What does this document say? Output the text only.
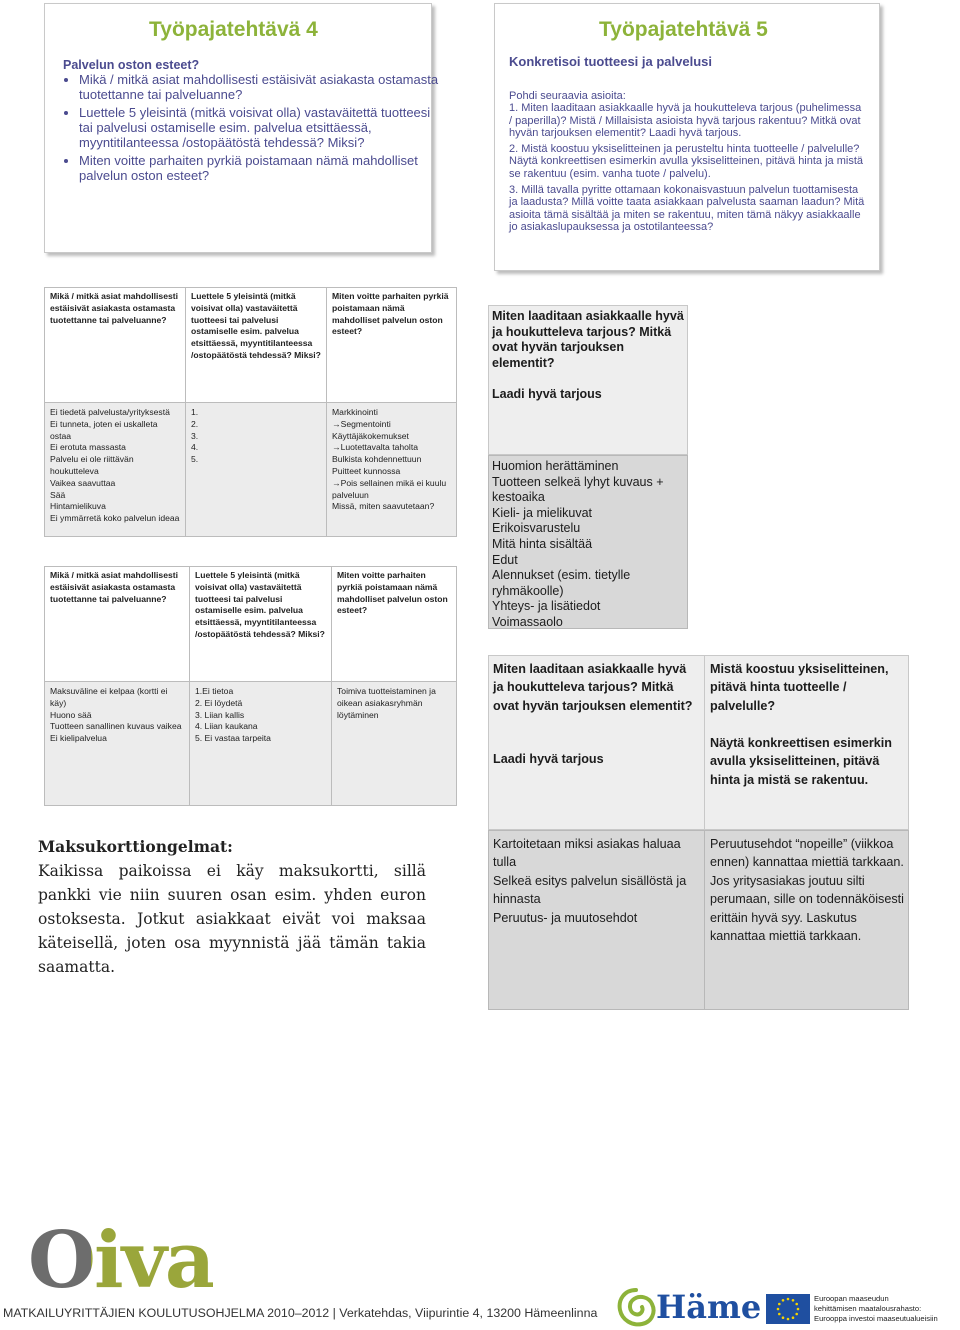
Työpajatehtävä 4
Palvelun oston esteet?
• Mikä / mitkä asiat mahdollisesti estäisivät asiakasta ostamasta tuotettanne tai palveluanne?
• Luettele 5 yleisintä (mitkä voisivat olla) vastaväitettä tuotteesi tai palvelusi ostamiselle esim. palvelua etsittäessä, myyntitilanteessa /ostopäätöstä tehdessä? Miksi?
• Miten voitte parhaiten pyrkiä poistamaan nämä mahdolliset palvelun oston esteet?
Työpajatehtävä 5
Konkretisoi tuotteesi ja palvelusi
Pohdi seuraavia asioita:
1. Miten laaditaan asiakkaalle hyvä ja houkutteleva tarjous (puhelimessa / paperilla)? Mistä / Millaisista asioista hyvä tarjous rakentuu? Mitkä ovat hyvän tarjouksen elementit? Laadi hyvä tarjous.
2. Mistä koostuu yksiselitteinen ja perusteltu hinta tuotteelle / palvelulle? Näytä konkreettisen esimerkin avulla yksiselitteinen, pitävä hinta ja mistä se rakentuu (esim. vanha tuote / palvelu).
3. Millä tavalla pyritte ottamaan kokonaisvastuun palvelun tuottamisesta ja laadusta? Millä voitte taata asiakkaan palvelusta saaman laadun? Mitä asioita tämä sisältää ja miten se rakentuu, miten tämä näkyy asiakkaalle jo asiakaslupauksessa ja ostotilanteessa?
Mikä / mitkä asiat mahdollisesti estäisivät asiakasta ostamasta tuotettanne tai palveluanne?
Luettele 5 yleisintä (mitkä voisivat olla) vastaväitettä tuotteesi tai palvelusi ostamiselle esim. palvelua etsittäessä, myyntitilanteessa /ostopäätöstä tehdessä? Miksi?
Miten voitte parhaiten pyrkiä poistamaan nämä mahdolliset palvelun oston esteet?
Ei tiedetä palvelusta/yrityksestä
Ei tunneta, joten ei uskalleta ostaa
Ei erotuta massasta
Palvelu ei ole riittävän houkutteleva
Vaikea saavuttaa
Sää
Hintamielikuva
Ei ymmärretä koko palvelun ideaa
1.
2.
3.
4.
5.
Markkinointi
→Segmentointi
Käyttäjäkokemukset
→Luotettavalta taholta
Bulkista kohdennettuun
Puitteet kunnossa
→Pois sellainen mikä ei kuulu palveluun
Missä, miten saavutetaan?
Miten laaditaan asiakkaalle hyvä ja houkutteleva tarjous? Mitkä ovat hyvän tarjouksen elementit?
Laadi hyvä tarjous
Huomion herättäminen
Tuotteen selkeä lyhyt kuvaus + kestoaika
Kieli- ja mielikuvat
Erikoisvarustelu
Mitä hinta sisältää
Edut
Alennukset (esim. tietylle ryhmäkoolle)
Yhteys- ja lisätiedot
Voimassaolo
Mikä / mitkä asiat mahdollisesti estäisivät asiakasta ostamasta tuotettanne tai palveluanne?
Luettele 5 yleisintä (mitkä voisivat olla) vastaväitettä tuotteesi tai palvelusi ostamiselle esim. palvelua etsittäessä, myyntitilanteessa /ostopäätöstä tehdessä? Miksi?
Miten voitte parhaiten pyrkiä poistamaan nämä mahdolliset palvelun oston esteet?
Maksuväline ei kelpaa (kortti ei käy)
Huono sää
Tuotteen sanallinen kuvaus vaikea
Ei kielipalvelua
1.Ei tietoa
2. Ei löydetä
3. Liian kallis
4. Liian kaukana
5. Ei vastaa tarpeita
Toimiva tuotteistaminen ja oikean asiakasryhmän löytäminen
Miten laaditaan asiakkaalle hyvä ja houkutteleva tarjous? Mitkä ovat hyvän tarjouksen elementit?
Laadi hyvä tarjous
Mistä koostuu yksiselitteinen, pitävä hinta tuotteelle / palvelulle?
Näytä konkreettisen esimerkin avulla yksiselitteinen, pitävä hinta ja mistä se rakentuu.
Kartoitetaan miksi asiakas haluaa tulla
Selkeä esitys palvelun sisällöstä ja hinnasta
Peruutus- ja muutosehdot
Peruutusehdot “nopeille” (viikkoa ennen) kannattaa miettiä tarkkaan. Jos yritysasiakas joutuu silti perumaan, sille on todennäköisesti erittäin hyvä syy. Laskutus kannattaa miettiä tarkkaan.
Maksukorttiongelmat:
Kaikissa paikoissa ei käy maksukortti, sillä pankki vie niin suuren osan esim. yhden euron ostoksesta. Jotkut asiakkaat eivät voi maksaa käteisellä, joten osa myynnistä jää tämän takia saamatta.
Oiva
MATKAILUYRITTÄJIEN KOULUTUSOHJELMA 2010–2012 | Verkatehdas, Viipurintie 4, 13200 Hämeenlinna Häme	Euroopan maaseudun
kehittämisen maatalousrahasto:
Eurooppa investoi maaseutualueisiin
